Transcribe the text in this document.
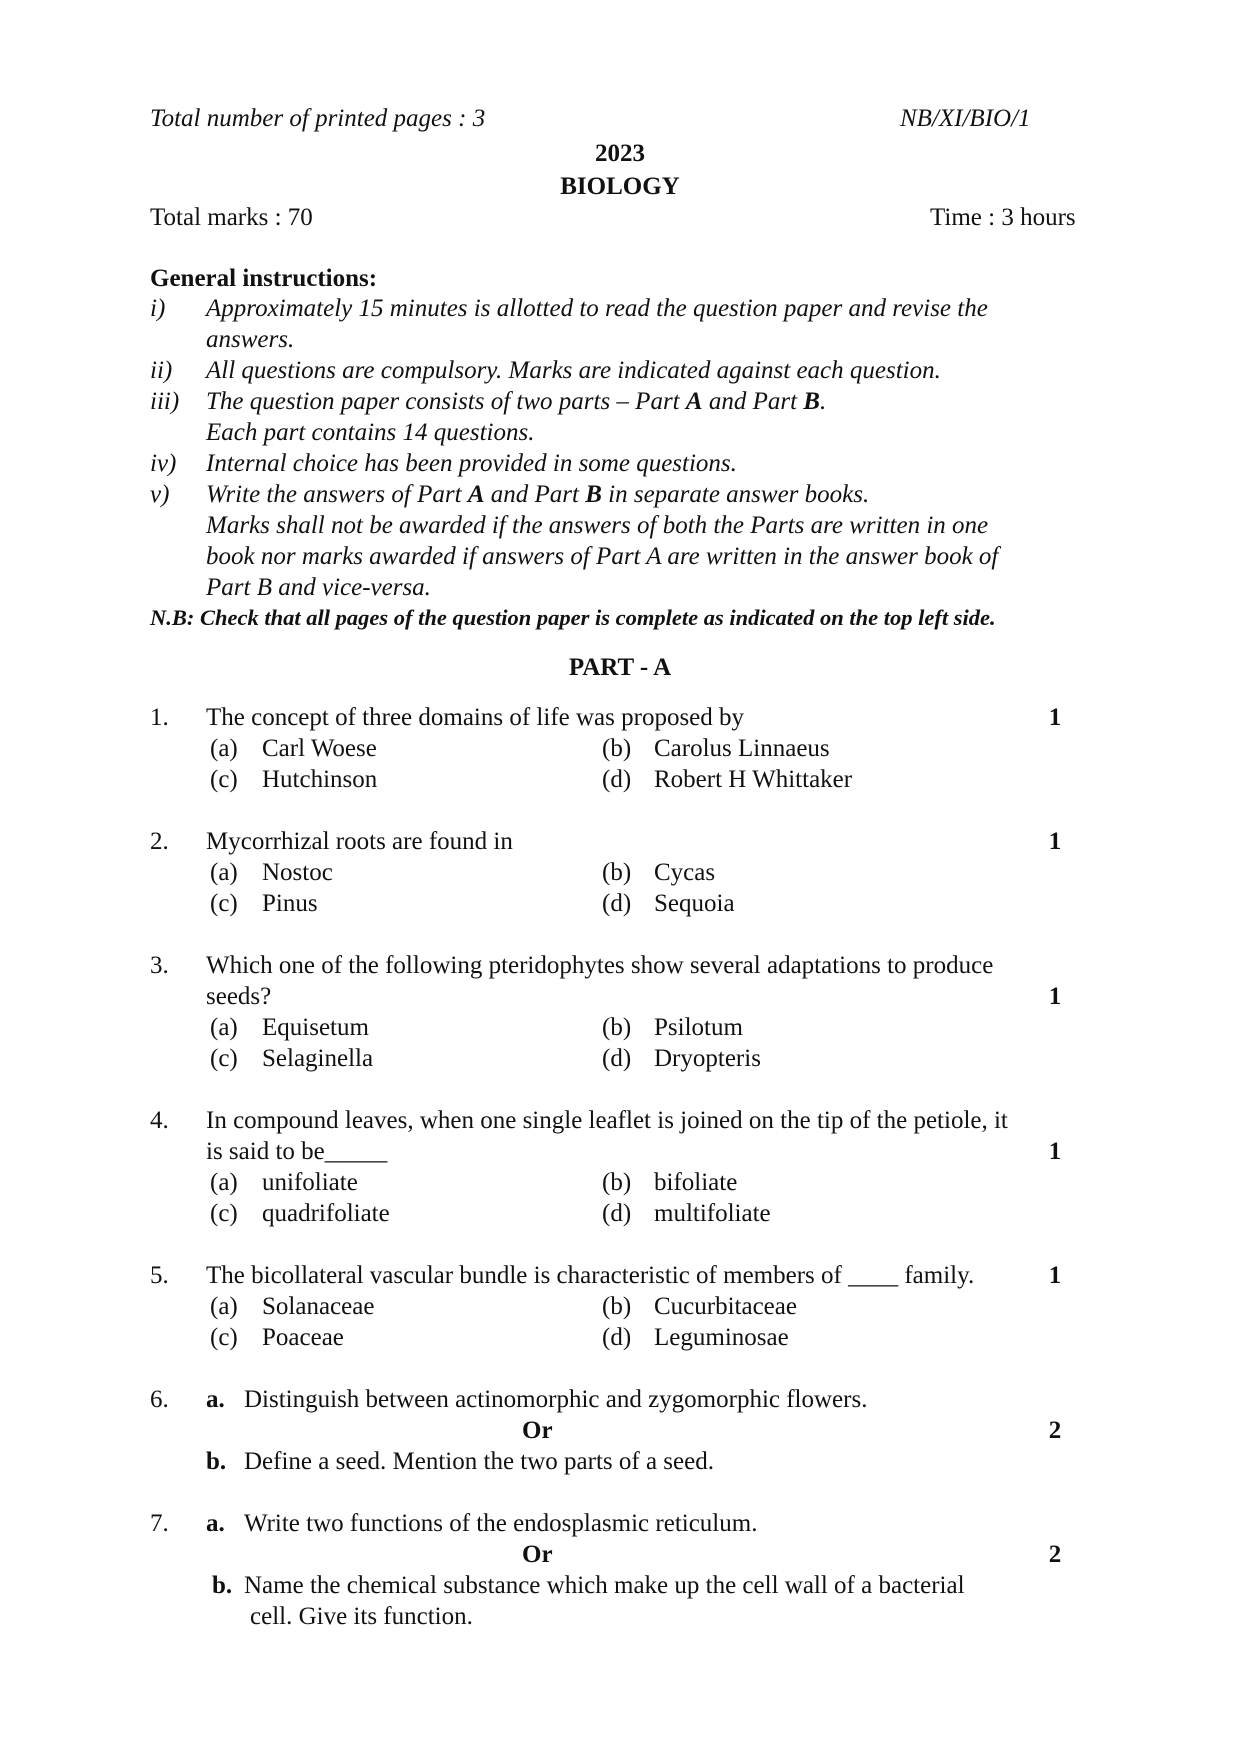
Total number of printed pages : 3	NB/XI/BIO/1
2023
BIOLOGY
Total marks : 70	Time : 3 hours
General instructions:
i) Approximately 15 minutes is allotted to read the question paper and revise the
answers.
ii) All questions are compulsory. Marks are indicated against each question.
iii) The question paper consists of two parts – Part A and Part B.
Each part contains 14 questions.
iv) Internal choice has been provided in some questions.
v) Write the answers of Part A and Part B in separate answer books.
Marks shall not be awarded if the answers of both the Parts are written in one
book nor marks awarded if answers of Part A are written in the answer book of
Part B and vice-versa.
N.B: Check that all pages of the question paper is complete as indicated on the top left side.
PART - A
1. The concept of three domains of life was proposed by	1
(a) Carl Woese	(b) Carolus Linnaeus
(c) Hutchinson	(d) Robert H Whittaker
2. Mycorrhizal roots are found in	1
(a) Nostoc	(b) Cycas
(c) Pinus	(d) Sequoia
3. Which one of the following pteridophytes show several adaptations to produce
seeds?	1
(a) Equisetum	(b) Psilotum
(c) Selaginella	(d) Dryopteris
4. In compound leaves, when one single leaflet is joined on the tip of the petiole, it
is said to be_____	1
(a) unifoliate	(b) bifoliate
(c) quadrifoliate	(d) multifoliate
5. The bicollateral vascular bundle is characteristic of members of ____ family.	1
(a) Solanaceae	(b) Cucurbitaceae
(c) Poaceae	(d) Leguminosae
6. a. Distinguish between actinomorphic and zygomorphic flowers.
Or	2
b. Define a seed. Mention the two parts of a seed.
7. a. Write two functions of the endosplasmic reticulum.
Or	2
b. Name the chemical substance which make up the cell wall of a bacterial
cell. Give its function.
